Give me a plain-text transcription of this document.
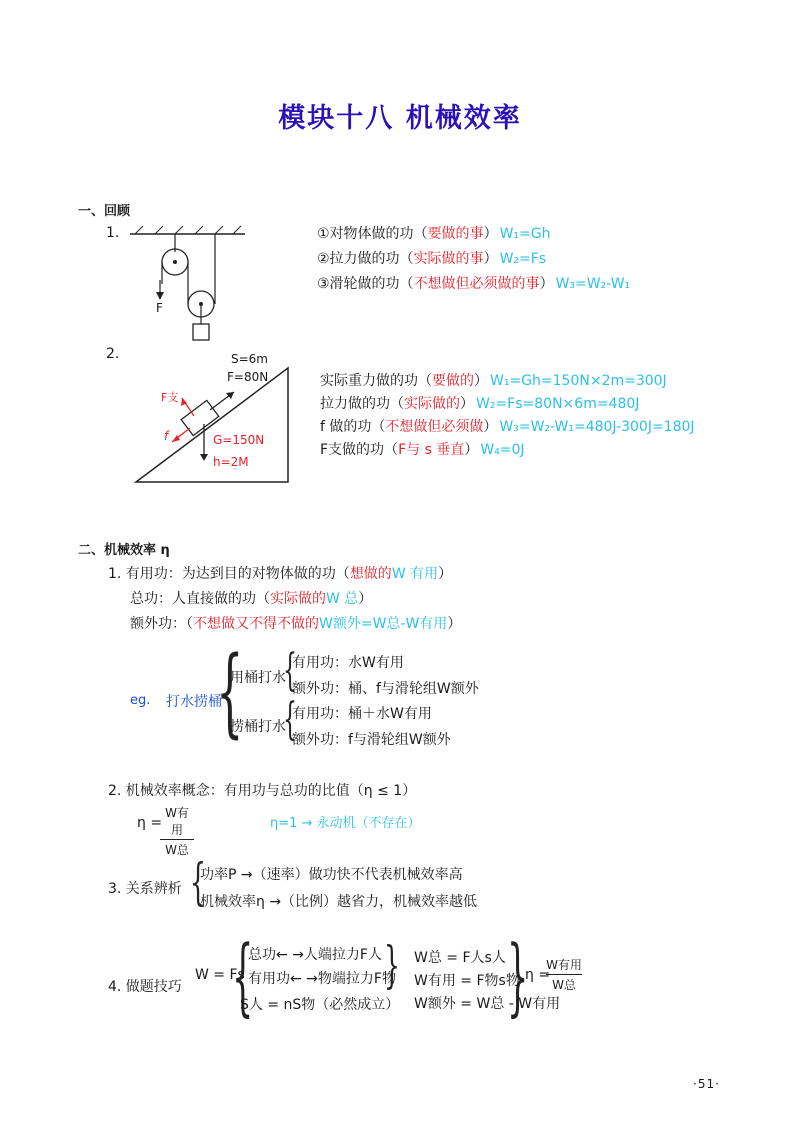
模块十八 机械效率
一、回顾
1.
F
①对物体做的功（要做的事） W₁=Gh
②拉力做的功（实际做的事） W₂=Fs
③滑轮做的功（不想做但必须做的事） W₃=W₂-W₁
2.	S=6m
F=80N
F支
f	G=150N
h=2M
实际重力做的功（要做的） W₁=Gh=150N×2m=300J
拉力做的功（实际做的） W₂=Fs=80N×6m=480J
f 做的功（不想做但必须做） W₃=W₂-W₁=480J-300J=180J
F支做的功（F与 s 垂直） W₄=0J
二、机械效率 η
1. 有用功：为达到目的对物体做的功（想做的W 有用）
总功：人直接做的功（实际做的W 总）
额外功：（不想做又不得不做的W额外=W总-W有用）
eg. 打水捞桶
{
用桶打水
{
有用功：水W有用
额外功：桶、f与滑轮组W额外
捞桶打水
{
有用功：桶＋水W有用
额外功：f与滑轮组W额外
2. 机械效率概念：有用功与总功的比值（η ≤ 1）
η =
W有用
W总
η=1 → 永动机（不存在）
3. 关系辨析 {
功率P →（速率）做功快不代表机械效率高
机械效率η →（比例）越省力，机械效率越低
4. 做题技巧
W = Fs
{
总功← →人端拉力F人
有用功← →物端拉力F物
S人 = nS物（必然成立）
} W总 = F人s人
W有用 = F物s物
W额外 = W总 - W有用
}
η =
W有用
W总
·51·
